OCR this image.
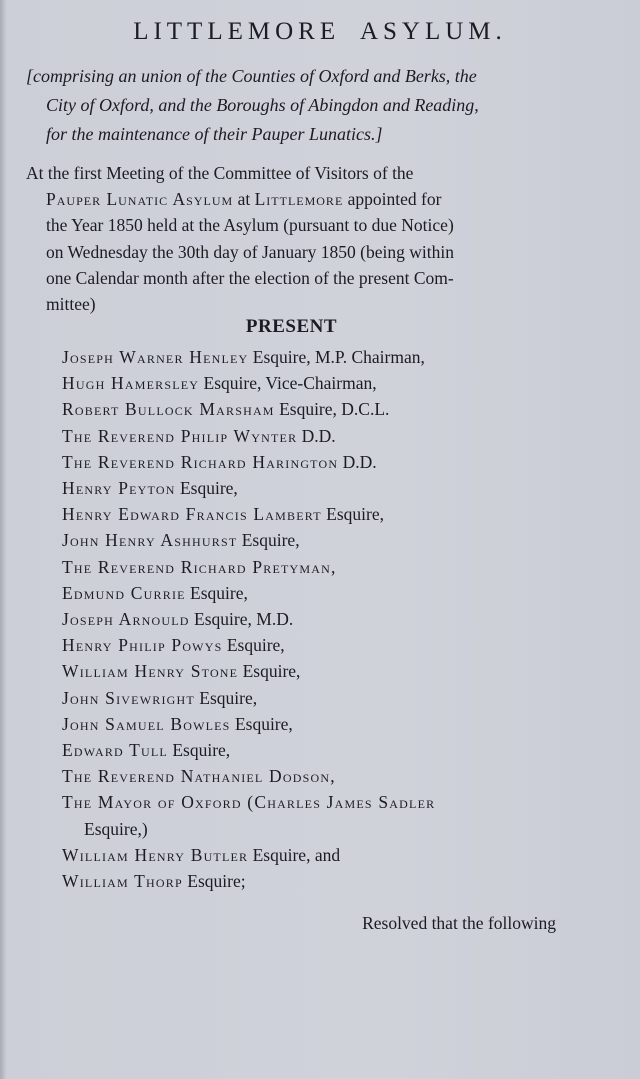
LITTLEMORE ASYLUM.

[comprising an union of the Counties of Oxford and Berks, the
City of Oxford, and the Boroughs of Abingdon and Reading,
for the maintenance of their Pauper Lunatics.]

At the first Meeting of the Committee of Visitors of the
Pauper Lunatic Asylum at Littlemore appointed for
the Year 1850 held at the Asylum (pursuant to due Notice)
on Wednesday the 30th day of January 1850 (being within
one Calendar month after the election of the present Com-
mittee)

PRESENT
Joseph Warner Henley Esquire, M.P. Chairman,
Hugh Hamersley Esquire, Vice-Chairman,
Robert Bullock Marsham Esquire, D.C.L.
The Reverend Philip Wynter D.D.
The Reverend Richard Harington D.D.
Henry Peyton Esquire,
Henry Edward Francis Lambert Esquire,
John Henry Ashhurst Esquire,
The Reverend Richard Pretyman,
Edmund Currie Esquire,
Joseph Arnould Esquire, M.D.
Henry Philip Powys Esquire,
William Henry Stone Esquire,
John Sivewright Esquire,
John Samuel Bowles Esquire,
Edward Tull Esquire,
The Reverend Nathaniel Dodson,
The Mayor of Oxford (Charles James Sadler
Esquire,)
William Henry Butler Esquire, and
William Thorp Esquire;

Resolved that the following
